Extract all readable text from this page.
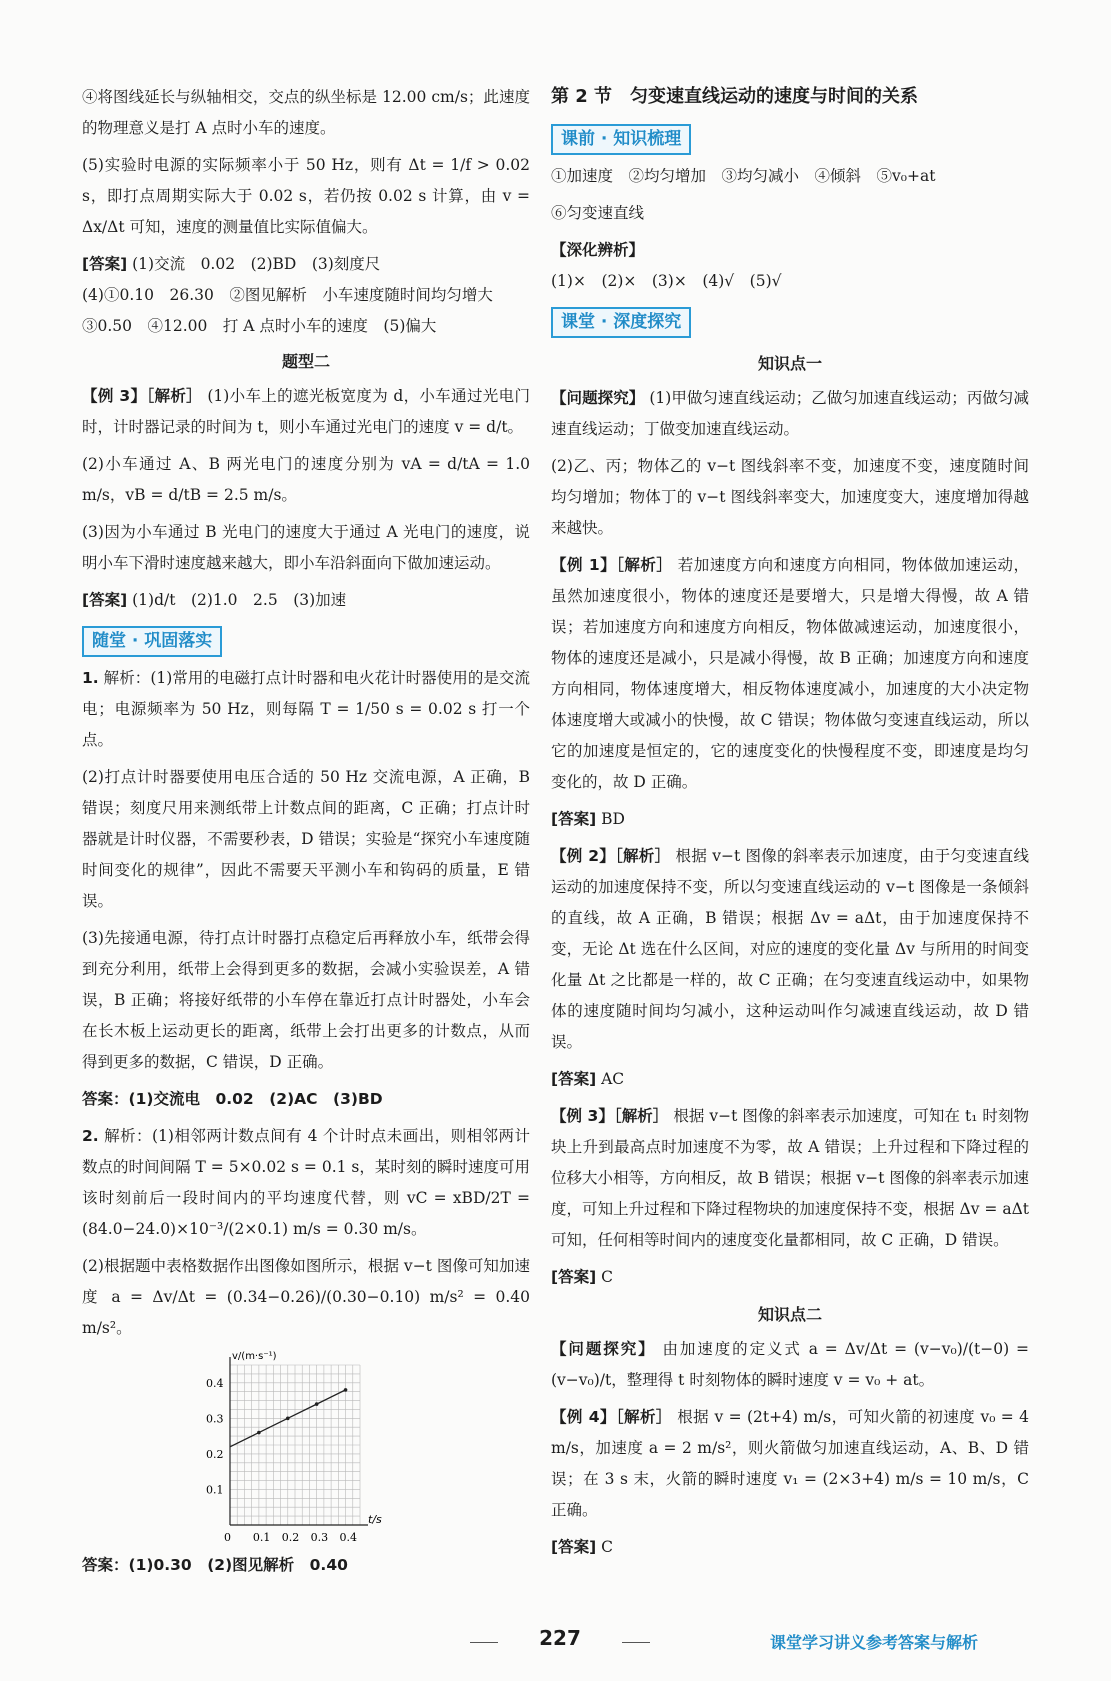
④将图线延长与纵轴相交，交点的纵坐标是 12.00 cm/s；此速度的物理意义是打 A 点时小车的速度。

(5)实验时电源的实际频率小于 50 Hz，则有 Δt = 1/f > 0.02 s，即打点周期实际大于 0.02 s，若仍按 0.02 s 计算，由 v = Δx/Δt 可知，速度的测量值比实际值偏大。

[答案] (1)交流　0.02　(2)BD　(3)刻度尺
(4)①0.10　26.30　②图见解析　小车速度随时间均匀增大
③0.50　④12.00　打 A 点时小车的速度　(5)偏大
题型二

【例 3】［解析］ (1)小车上的遮光板宽度为 d，小车通过光电门时，计时器记录的时间为 t，则小车通过光电门的速度 v = d/t。

(2)小车通过 A、B 两光电门的速度分别为 vA = d/tA = 1.0 m/s，vB = d/tB = 2.5 m/s。

(3)因为小车通过 B 光电门的速度大于通过 A 光电门的速度，说明小车下滑时速度越来越大，即小车沿斜面向下做加速运动。

[答案] (1)d/t　(2)1.0　2.5　(3)加速

随堂 · 巩固落实

1. 解析：(1)常用的电磁打点计时器和电火花计时器使用的是交流电；电源频率为 50 Hz，则每隔 T = 1/50 s = 0.02 s 打一个点。

(2)打点计时器要使用电压合适的 50 Hz 交流电源，A 正确，B 错误；刻度尺用来测纸带上计数点间的距离，C 正确；打点计时器就是计时仪器，不需要秒表，D 错误；实验是“探究小车速度随时间变化的规律”，因此不需要天平测小车和钩码的质量，E 错误。

(3)先接通电源，待打点计时器打点稳定后再释放小车，纸带会得到充分利用，纸带上会得到更多的数据，会减小实验误差，A 错误，B 正确；将接好纸带的小车停在靠近打点计时器处，小车会在长木板上运动更长的距离，纸带上会打出更多的计数点，从而得到更多的数据，C 错误，D 正确。

答案：(1)交流电　0.02　(2)AC　(3)BD

2. 解析：(1)相邻两计数点间有 4 个计时点未画出，则相邻两计数点的时间间隔 T = 5×0.02 s = 0.1 s，某时刻的瞬时速度可用该时刻前后一段时间内的平均速度代替，则 vC = xBD/2T = (84.0−24.0)×10⁻³/(2×0.1) m/s = 0.30 m/s。

(2)根据题中表格数据作出图像如图所示，根据 v−t 图像可知加速度 a = Δv/Δt = (0.34−0.26)/(0.30−0.10) m/s² = 0.40 m/s²。

v/(m·s⁻¹)
t/s
0 0.1 0.2 0.3 0.4
0.1
0.2
0.3
0.4

答案：(1)0.30　(2)图见解析　0.40

第 2 节　匀变速直线运动的速度与时间的关系
课前 · 知识梳理

①加速度　②均匀增加　③均匀减小　④倾斜　⑤v₀+at

⑥匀变速直线

【深化辨析】
(1)×　(2)×　(3)×　(4)√　(5)√

课堂 · 深度探究
知识点一

【问题探究】 (1)甲做匀速直线运动；乙做匀加速直线运动；丙做匀减速直线运动；丁做变加速直线运动。

(2)乙、丙；物体乙的 v−t 图线斜率不变，加速度不变，速度随时间均匀增加；物体丁的 v−t 图线斜率变大，加速度变大，速度增加得越来越快。

【例 1】［解析］ 若加速度方向和速度方向相同，物体做加速运动，虽然加速度很小，物体的速度还是要增大，只是增大得慢，故 A 错误；若加速度方向和速度方向相反，物体做减速运动，加速度很小，物体的速度还是减小，只是减小得慢，故 B 正确；加速度方向和速度方向相同，物体速度增大，相反物体速度减小，加速度的大小决定物体速度增大或减小的快慢，故 C 错误；物体做匀变速直线运动，所以它的加速度是恒定的，它的速度变化的快慢程度不变，即速度是均匀变化的，故 D 正确。

[答案] BD

【例 2】［解析］ 根据 v−t 图像的斜率表示加速度，由于匀变速直线运动的加速度保持不变，所以匀变速直线运动的 v−t 图像是一条倾斜的直线，故 A 正确，B 错误；根据 Δv = aΔt，由于加速度保持不变，无论 Δt 选在什么区间，对应的速度的变化量 Δv 与所用的时间变化量 Δt 之比都是一样的，故 C 正确；在匀变速直线运动中，如果物体的速度随时间均匀减小，这种运动叫作匀减速直线运动，故 D 错误。

[答案] AC

【例 3】［解析］ 根据 v−t 图像的斜率表示加速度，可知在 t₁ 时刻物块上升到最高点时加速度不为零，故 A 错误；上升过程和下降过程的位移大小相等，方向相反，故 B 错误；根据 v−t 图像的斜率表示加速度，可知上升过程和下降过程物块的加速度保持不变，根据 Δv = aΔt 可知，任何相等时间内的速度变化量都相同，故 C 正确，D 错误。

[答案] C

知识点二

【问题探究】 由加速度的定义式 a = Δv/Δt = (v−v₀)/(t−0) = (v−v₀)/t，整理得 t 时刻物体的瞬时速度 v = v₀ + at。

【例 4】［解析］ 根据 v = (2t+4) m/s，可知火箭的初速度 v₀ = 4 m/s，加速度 a = 2 m/s²，则火箭做匀加速直线运动，A、B、D 错误；在 3 s 末，火箭的瞬时速度 v₁ = (2×3+4) m/s = 10 m/s，C 正确。

[答案] C

227	课堂学习讲义参考答案与解析
